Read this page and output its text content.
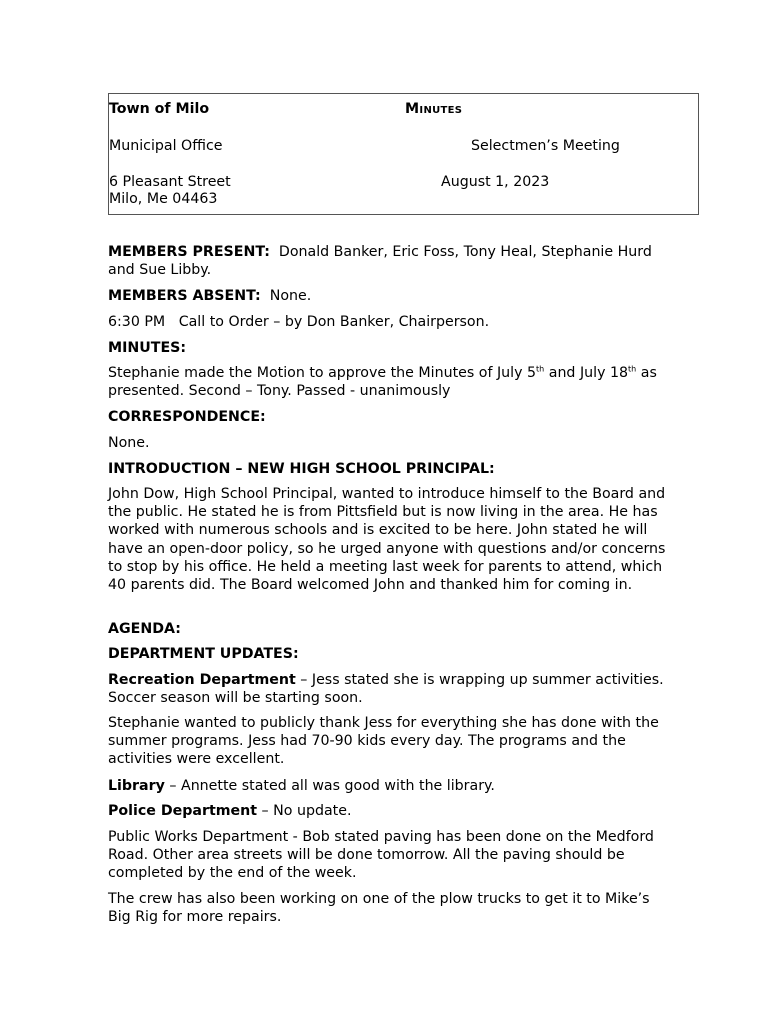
Town of Milo
Municipal Office
6 Pleasant Street
Milo, Me 04463
Minutes
Selectmen’s Meeting
August 1, 2023
MEMBERS PRESENT: Donald Banker, Eric Foss, Tony Heal, Stephanie Hurd and Sue Libby.
MEMBERS ABSENT: None.
6:30 PM   Call to Order – by Don Banker, Chairperson.
MINUTES:
Stephanie made the Motion to approve the Minutes of July 5th and July 18th as presented. Second – Tony. Passed - unanimously
CORRESPONDENCE:
None.
INTRODUCTION – NEW HIGH SCHOOL PRINCIPAL:
John Dow, High School Principal, wanted to introduce himself to the Board and the public. He stated he is from Pittsfield but is now living in the area. He has worked with numerous schools and is excited to be here. John stated he will have an open-door policy, so he urged anyone with questions and/or concerns to stop by his office. He held a meeting last week for parents to attend, which 40 parents did. The Board welcomed John and thanked him for coming in.
AGENDA:
DEPARTMENT UPDATES:
Recreation Department – Jess stated she is wrapping up summer activities. Soccer season will be starting soon.
Stephanie wanted to publicly thank Jess for everything she has done with the summer programs. Jess had 70-90 kids every day. The programs and the activities were excellent.
Library – Annette stated all was good with the library.
Police Department – No update.
Public Works Department - Bob stated paving has been done on the Medford Road. Other area streets will be done tomorrow. All the paving should be completed by the end of the week.
The crew has also been working on one of the plow trucks to get it to Mike’s Big Rig for more repairs.
